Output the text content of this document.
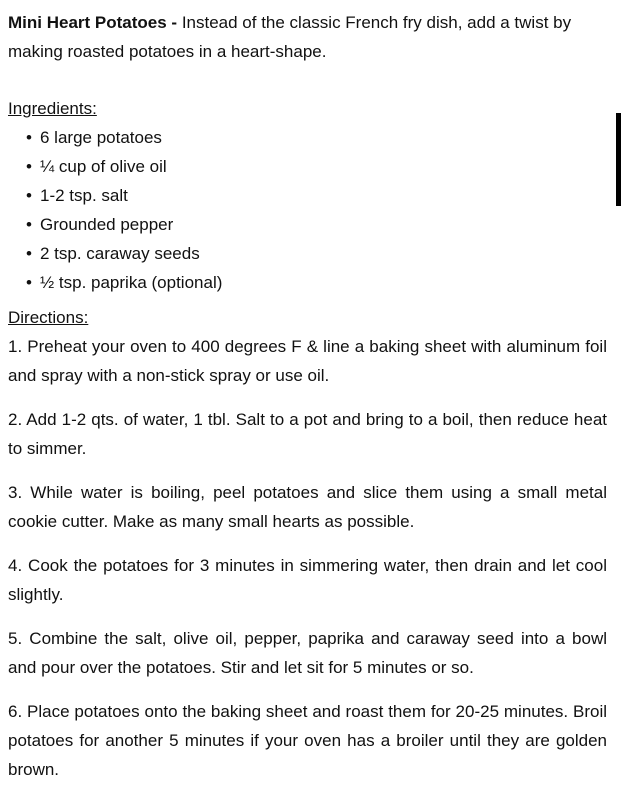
Mini Heart Potatoes - Instead of the classic French fry dish, add a twist by making roasted potatoes in a heart-shape.

Ingredients:
• 6 large potatoes
• ¼ cup of olive oil
• 1-2 tsp. salt
• Grounded pepper
• 2 tsp. caraway seeds
• ½ tsp. paprika (optional)
Directions:

1. Preheat your oven to 400 degrees F & line a baking sheet with aluminum foil and spray with a non-stick spray or use oil.

2. Add 1-2 qts. of water, 1 tbl. Salt to a pot and bring to a boil, then reduce heat to simmer.

3. While water is boiling, peel potatoes and slice them using a small metal cookie cutter. Make as many small hearts as possible.

4. Cook the potatoes for 3 minutes in simmering water, then drain and let cool slightly.

5. Combine the salt, olive oil, pepper, paprika and caraway seed into a bowl and pour over the potatoes. Stir and let sit for 5 minutes or so.

6. Place potatoes onto the baking sheet and roast them for 20-25 minutes. Broil potatoes for another 5 minutes if your oven has a broiler until they are golden brown.
